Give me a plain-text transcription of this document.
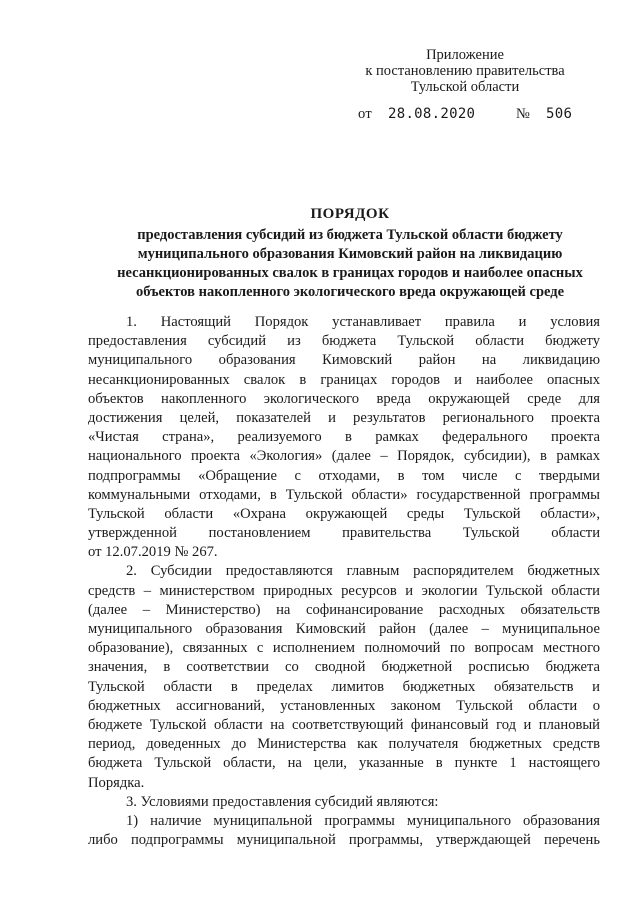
Приложение
к постановлению правительства
Тульской области
от 28.08.2020	№ 506
ПОРЯДОК
предоставления субсидий из бюджета Тульской области бюджету
муниципального образования Кимовский район на ликвидацию
несанкционированных свалок в границах городов и наиболее опасных
объектов накопленного экологического вреда окружающей среде
1. Настоящий Порядок устанавливает правила и условия
предоставления субсидий из бюджета Тульской области бюджету
муниципального образования Кимовский район на ликвидацию
несанкционированных свалок в границах городов и наиболее опасных
объектов накопленного экологического вреда окружающей среде для
достижения целей, показателей и результатов регионального проекта
«Чистая страна», реализуемого в рамках федерального проекта
национального проекта «Экология» (далее – Порядок, субсидии), в рамках
подпрограммы «Обращение с отходами, в том числе с твердыми
коммунальными отходами, в Тульской области» государственной программы
Тульской области «Охрана окружающей среды Тульской области»,
утвержденной постановлением правительства Тульской области
от 12.07.2019 № 267.
2. Субсидии предоставляются главным распорядителем бюджетных
средств – министерством природных ресурсов и экологии Тульской области
(далее – Министерство) на софинансирование расходных обязательств
муниципального образования Кимовский район (далее – муниципальное
образование), связанных с исполнением полномочий по вопросам местного
значения, в соответствии со сводной бюджетной росписью бюджета
Тульской области в пределах лимитов бюджетных обязательств и
бюджетных ассигнований, установленных законом Тульской области о
бюджете Тульской области на соответствующий финансовый год и плановый
период, доведенных до Министерства как получателя бюджетных средств
бюджета Тульской области, на цели, указанные в пункте 1 настоящего
Порядка.
3. Условиями предоставления субсидий являются:
1) наличие муниципальной программы муниципального образования
либо подпрограммы муниципальной программы, утверждающей перечень
